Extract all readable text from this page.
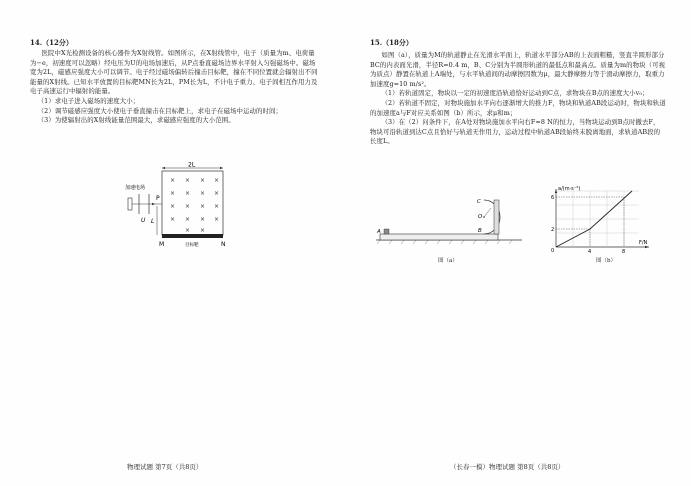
14.（12分）

医院中X光检测设备的核心器件为X射线管。如图所示，在X射线管中，电子（质量为m、电荷量为−e，初速度可以忽略）经电压为U的电场加速后，从P点垂直磁场边界水平射入匀强磁场中。磁场宽为2L，磁感应强度大小可以调节。电子经过磁场偏转后撞击目标靶，撞在不同位置就会辐射出不同能量的X射线。已知水平放置的目标靶MN长为2L，PM长为L，不计电子重力、电子间相互作用力及电子高速运行中辐射的能量。

（1）求电子进入磁场的速度大小；

（2）调节磁感应强度大小使电子垂直撞击在目标靶上，求电子在磁场中运动的时间；

（3）为使辐射出的X射线能量范围最大，求磁感应强度的大小范围。

2L
× × × ×
× × × ×
× × × ×
× × × ×
× ×
加速电场
U
P
L
M	N
目标靶
物理试题 第7页（共8页）
15.（18分）

如图（a），质量为M的轨道静止在光滑水平面上，轨道水平部分AB的上表面粗糙，竖直半圆形部分BC的内表面光滑，半径R=0.4 m，B、C分别为半圆形轨道的最低点和最高点。质量为m的物块（可视为质点）静置在轨道上A端处，与水平轨道间的动摩擦因数为μ，最大静摩擦力等于滑动摩擦力，取重力加速度g=10 m/s²。

（1）若轨道固定，物块以一定的初速度沿轨道恰好运动到C点，求物块在B点的速度大小v₀；

（2）若轨道不固定，对物块施加水平向右逐渐增大的推力F，物块和轨道AB段运动时，物块和轨道的加速度a与F对应关系如图（b）所示，求μ和m；

（3）在（2）问条件下，在A处对物块施加水平向右F=8 N的恒力，当物块运动到B点时撤去F，物块可沿轨道到达C点且恰好与轨道无作用力，运动过程中轨道AB段始终未脱离地面，求轨道AB段的长度L。

A	B
C
O
图（a）
a/(m·s⁻²)
F/N
0
2
6
4	8
图（b）
（长春一模）物理试题 第8页（共8页）
